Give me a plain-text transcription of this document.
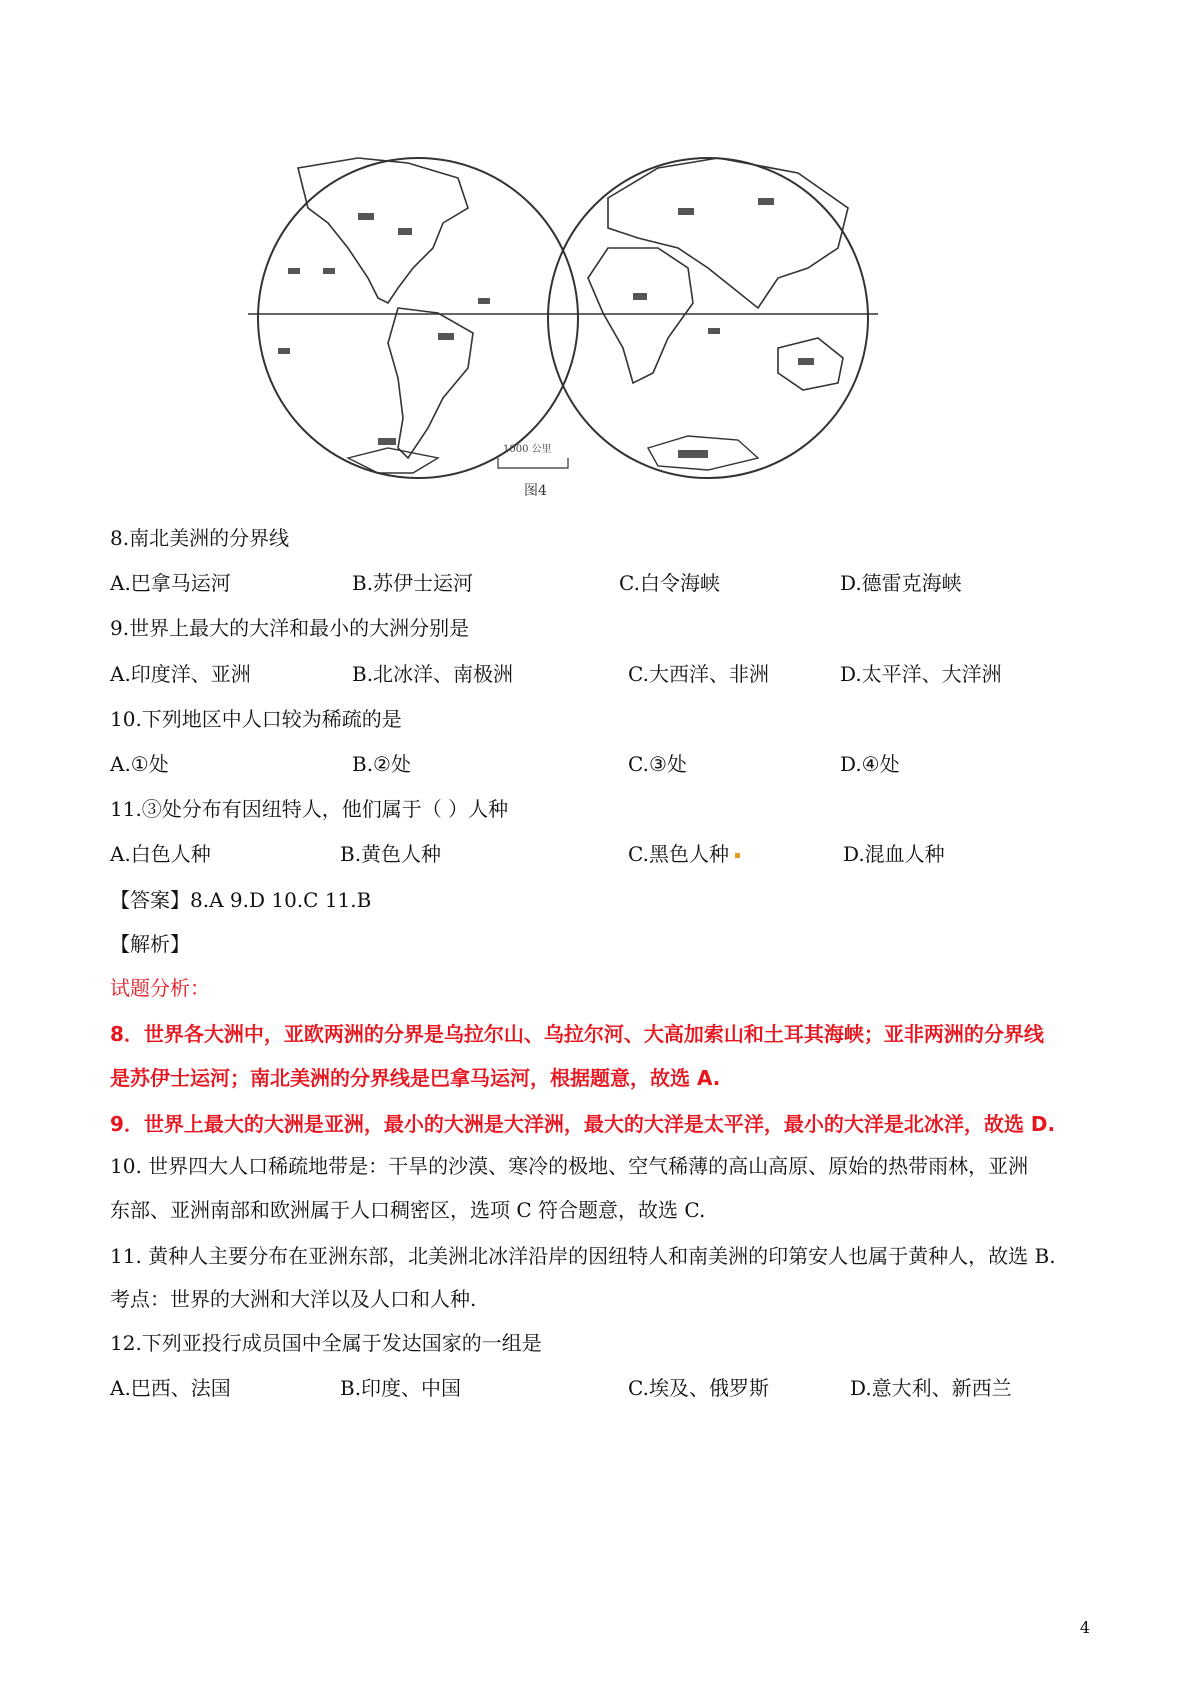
1000 公里
图4
8.南北美洲的分界线
A.巴拿马运河	B.苏伊士运河	C.白令海峡	D.德雷克海峡
9.世界上最大的大洋和最小的大洲分别是
A.印度洋、亚洲	B.北冰洋、南极洲	C.大西洋、非洲	D.太平洋、大洋洲
10.下列地区中人口较为稀疏的是
A.①处	B.②处	C.③处	D.④处
11.③处分布有因纽特人，他们属于（ ）人种
A.白色人种	B.黄色人种	C.黑色人种	D.混血人种
【答案】8.A 9.D 10.C 11.B
【解析】
试题分析：
8．世界各大洲中，亚欧两洲的分界是乌拉尔山、乌拉尔河、大高加索山和土耳其海峡；亚非两洲的分界线
是苏伊士运河；南北美洲的分界线是巴拿马运河，根据题意，故选 A.
9．世界上最大的大洲是亚洲，最小的大洲是大洋洲，最大的大洋是太平洋，最小的大洋是北冰洋，故选 D.
10. 世界四大人口稀疏地带是：干旱的沙漠、寒冷的极地、空气稀薄的高山高原、原始的热带雨林，亚洲
东部、亚洲南部和欧洲属于人口稠密区，选项 C 符合题意，故选 C.
11. 黄种人主要分布在亚洲东部，北美洲北冰洋沿岸的因纽特人和南美洲的印第安人也属于黄种人，故选 B.
考点：世界的大洲和大洋以及人口和人种.
12.下列亚投行成员国中全属于发达国家的一组是
A.巴西、法国	B.印度、中国	C.埃及、俄罗斯	D.意大利、新西兰
4
